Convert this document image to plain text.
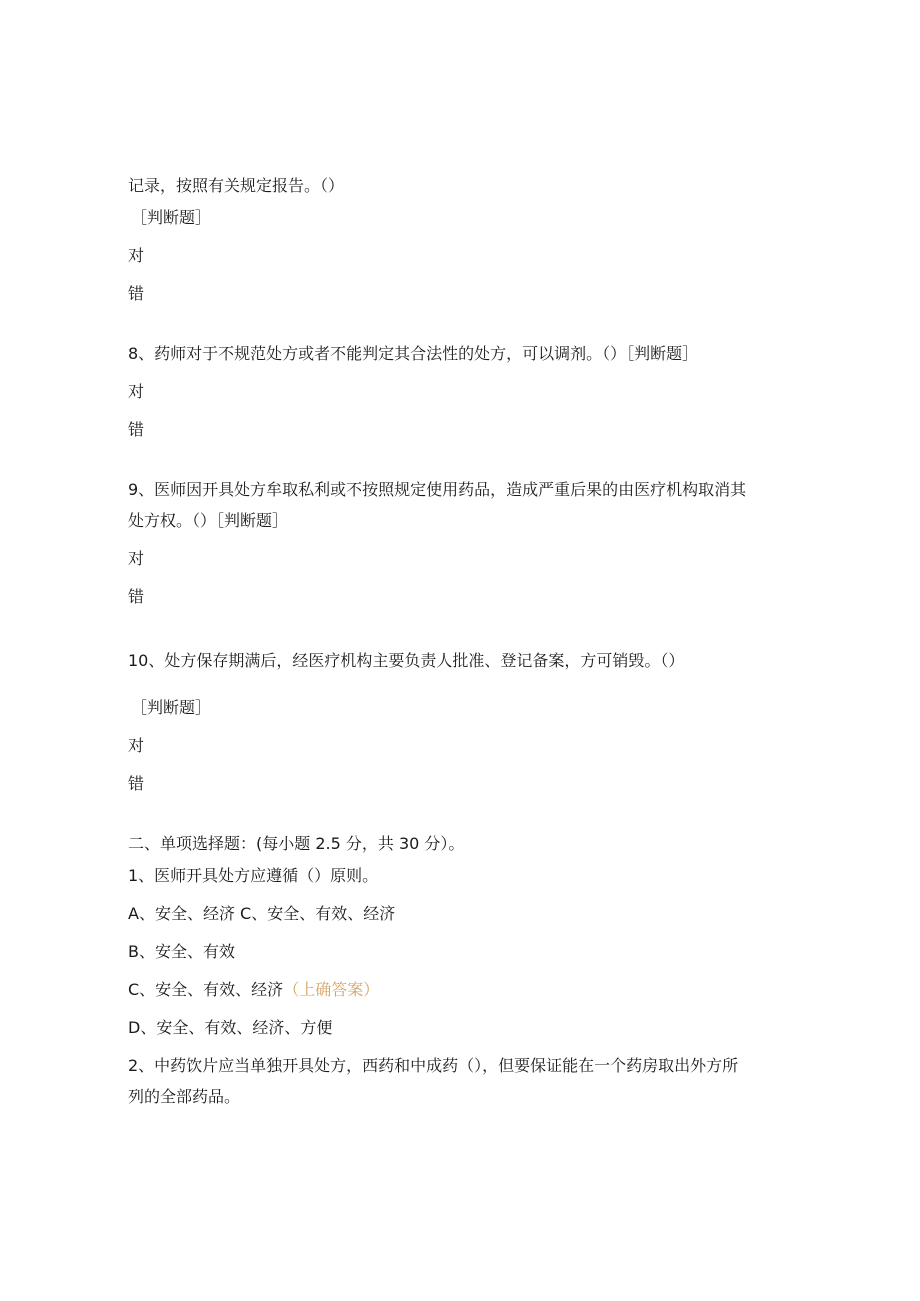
记录，按照有关规定报告。（）
［判断题］
对
错
8、药师对于不规范处方或者不能判定其合法性的处方，可以调剂。（）［判断题］
对
错
9、医师因开具处方牟取私利或不按照规定使用药品，造成严重后果的由医疗机构取消其
处方权。（）［判断题］
对
错
10、处方保存期满后，经医疗机构主要负责人批准、登记备案，方可销毁。（）
［判断题］
对
错
二、单项选择题：(每小题 2.5 分，共 30 分）。
1、医师开具处方应遵循（）原则。
A、安全、经济 C、安全、有效、经济
B、安全、有效
C、安全、有效、经济（上确答案）
D、安全、有效、经济、方便
2、中药饮片应当单独开具处方，西药和中成药（），但要保证能在一个药房取出外方所
列的全部药品。
